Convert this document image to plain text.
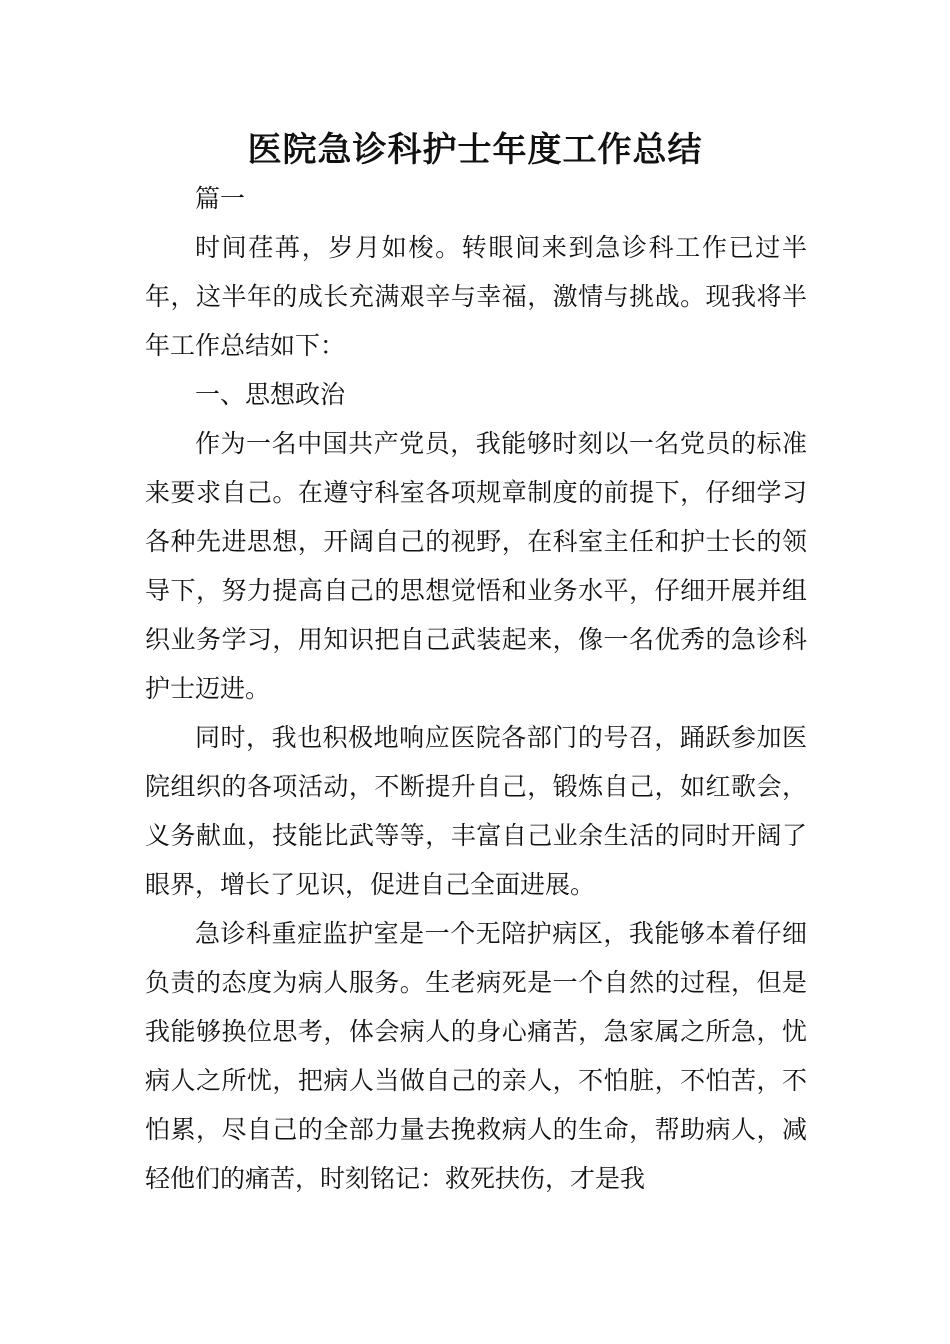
医院急诊科护士年度工作总结

篇一

时间荏苒，岁月如梭。转眼间来到急诊科工作已过半年，这半年的成长充满艰辛与幸福，激情与挑战。现我将半年工作总结如下：

一、思想政治

作为一名中国共产党员，我能够时刻以一名党员的标准来要求自己。在遵守科室各项规章制度的前提下，仔细学习各种先进思想，开阔自己的视野，在科室主任和护士长的领导下，努力提高自己的思想觉悟和业务水平，仔细开展并组织业务学习，用知识把自己武装起来，像一名优秀的急诊科护士迈进。

同时，我也积极地响应医院各部门的号召，踊跃参加医院组织的各项活动，不断提升自己，锻炼自己，如红歌会，义务献血，技能比武等等，丰富自己业余生活的同时开阔了眼界，增长了见识，促进自己全面进展。

急诊科重症监护室是一个无陪护病区，我能够本着仔细负责的态度为病人服务。生老病死是一个自然的过程，但是我能够换位思考，体会病人的身心痛苦，急家属之所急，忧病人之所忧，把病人当做自己的亲人，不怕脏，不怕苦，不怕累，尽自己的全部力量去挽救病人的生命，帮助病人，减轻他们的痛苦，时刻铭记：救死扶伤，才是我
